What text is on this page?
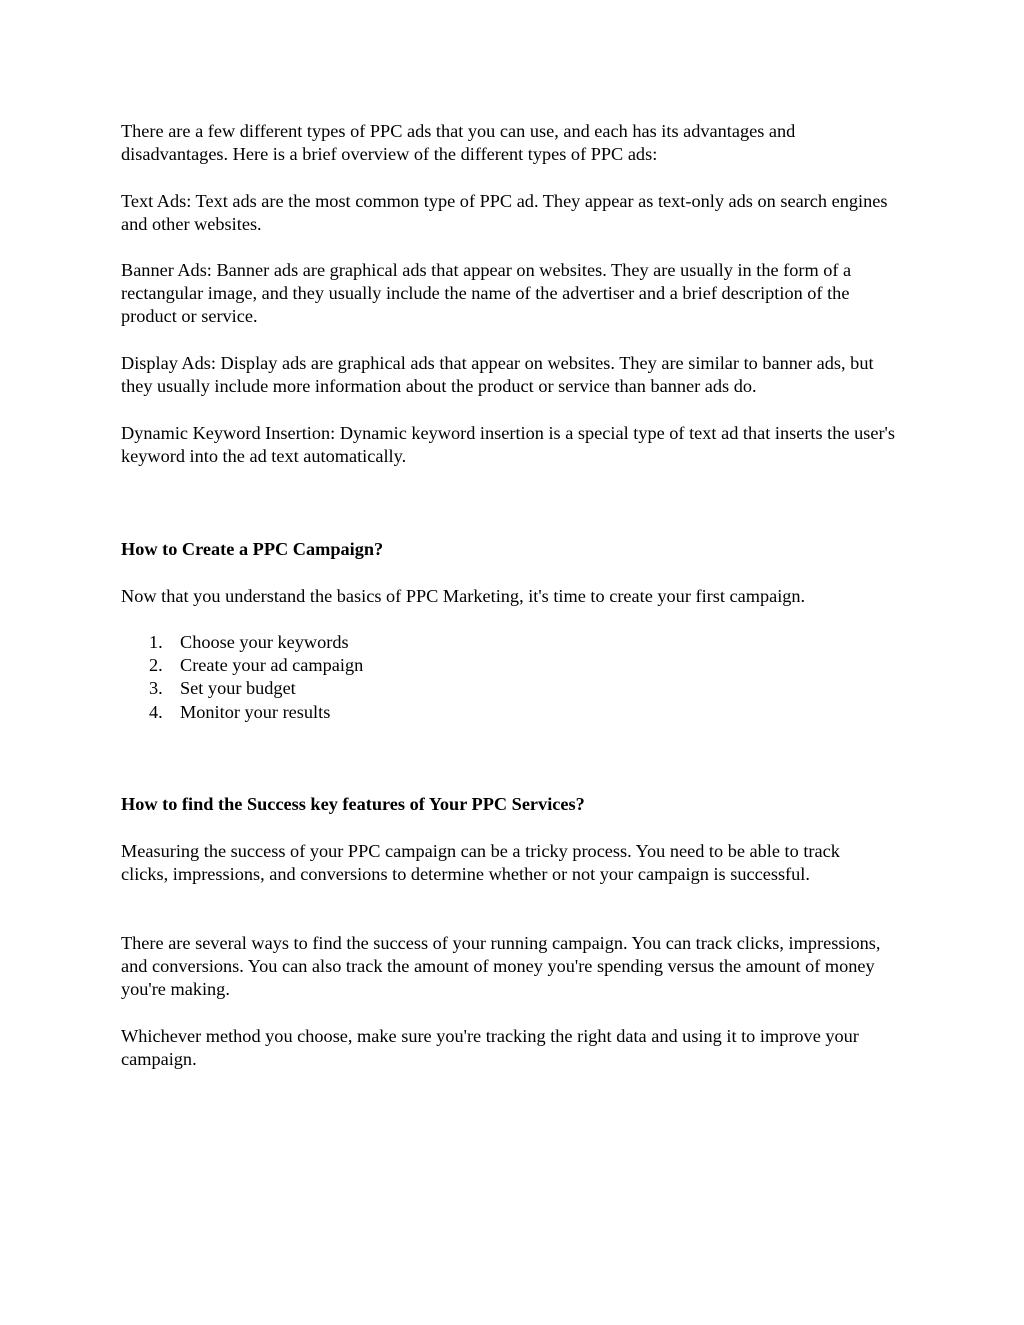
There are a few different types of PPC ads that you can use, and each has its advantages and disadvantages. Here is a brief overview of the different types of PPC ads:

Text Ads: Text ads are the most common type of PPC ad. They appear as text-only ads on search engines and other websites.

Banner Ads: Banner ads are graphical ads that appear on websites. They are usually in the form of a rectangular image, and they usually include the name of the advertiser and a brief description of the product or service.

Display Ads: Display ads are graphical ads that appear on websites. They are similar to banner ads, but they usually include more information about the product or service than banner ads do.

Dynamic Keyword Insertion: Dynamic keyword insertion is a special type of text ad that inserts the user's keyword into the ad text automatically.

How to Create a PPC Campaign?

Now that you understand the basics of PPC Marketing, it's time to create your first campaign.

1. Choose your keywords
2. Create your ad campaign
3. Set your budget
4. Monitor your results
How to find the Success key features of Your PPC Services?

Measuring the success of your PPC campaign can be a tricky process. You need to be able to track clicks, impressions, and conversions to determine whether or not your campaign is successful.

There are several ways to find the success of your running campaign. You can track clicks, impressions, and conversions. You can also track the amount of money you're spending versus the amount of money you're making.

Whichever method you choose, make sure you're tracking the right data and using it to improve your campaign.
